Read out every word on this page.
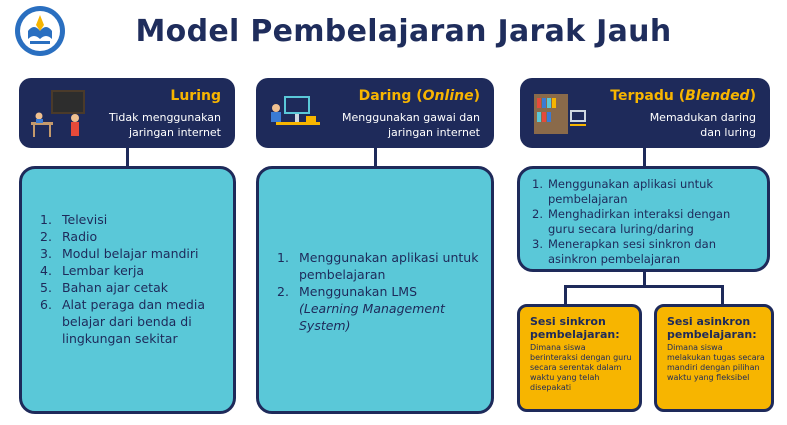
Model Pembelajaran Jarak Jauh
Luring
Tidak menggunakan
jaringan internet
Daring (Online)
Menggunakan gawai dan
jaringan internet
Terpadu (Blended)
Memadukan daring
dan luring
1. Televisi
2. Radio
3. Modul belajar mandiri
4. Lembar kerja
5. Bahan ajar cetak
6. Alat peraga dan media belajar dari benda di lingkungan sekitar
1. Menggunakan aplikasi untuk pembelajaran
2. Menggunakan LMS
(Learning Management System)
1. Menggunakan aplikasi untuk pembelajaran
2. Menghadirkan interaksi dengan guru secara luring/daring
3. Menerapkan sesi sinkron dan asinkron pembelajaran
Sesi sinkron pembelajaran:
Dimana siswa berinteraksi dengan guru secara serentak dalam waktu yang telah disepakati
Sesi asinkron pembelajaran:
Dimana siswa melakukan tugas secara mandiri dengan pilihan waktu yang fleksibel
